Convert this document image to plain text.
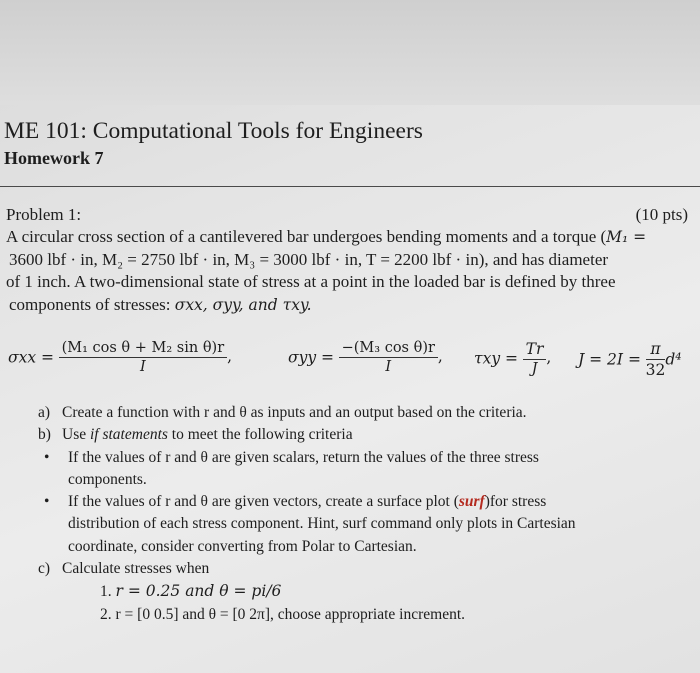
ME 101: Computational Tools for Engineers
Homework 7
Problem 1:	(10 pts)
A circular cross section of a cantilevered bar undergoes bending moments and a torque (M₁ =
3600 lbf · in, M₂ = 2750 lbf · in, M₃ = 3000 lbf · in, T = 2200 lbf · in), and has diameter
of 1 inch. A two-dimensional state of stress at a point in the loaded bar is defined by three
components of stresses: σxx, σyy, and τxy.
$\sigma xx = \frac{\text{(M₁ cos θ + M₂ sin θ)r}}{I}$ ,	$\sigma yy = \frac{\text{−(M₃ cos θ)r}}{I}$ , $\tau xy = \frac{Tr}{J}$ , $J = 2I = \frac{\pi}{32} d^4$
a) Create a function with r and θ as inputs and an output based on the criteria.
b) Use if statements to meet the following criteria
• If the values of r and θ are given scalars, return the values of the three stress
components.
• If the values of r and θ are given vectors, create a surface plot (surf)for stress
distribution of each stress component. Hint, surf command only plots in Cartesian
coordinate, consider converting from Polar to Cartesian.
c) Calculate stresses when
1. r = 0.25 and θ = pi/6
2. r = [0 0.5] and θ = [0 2π], choose appropriate increment.
